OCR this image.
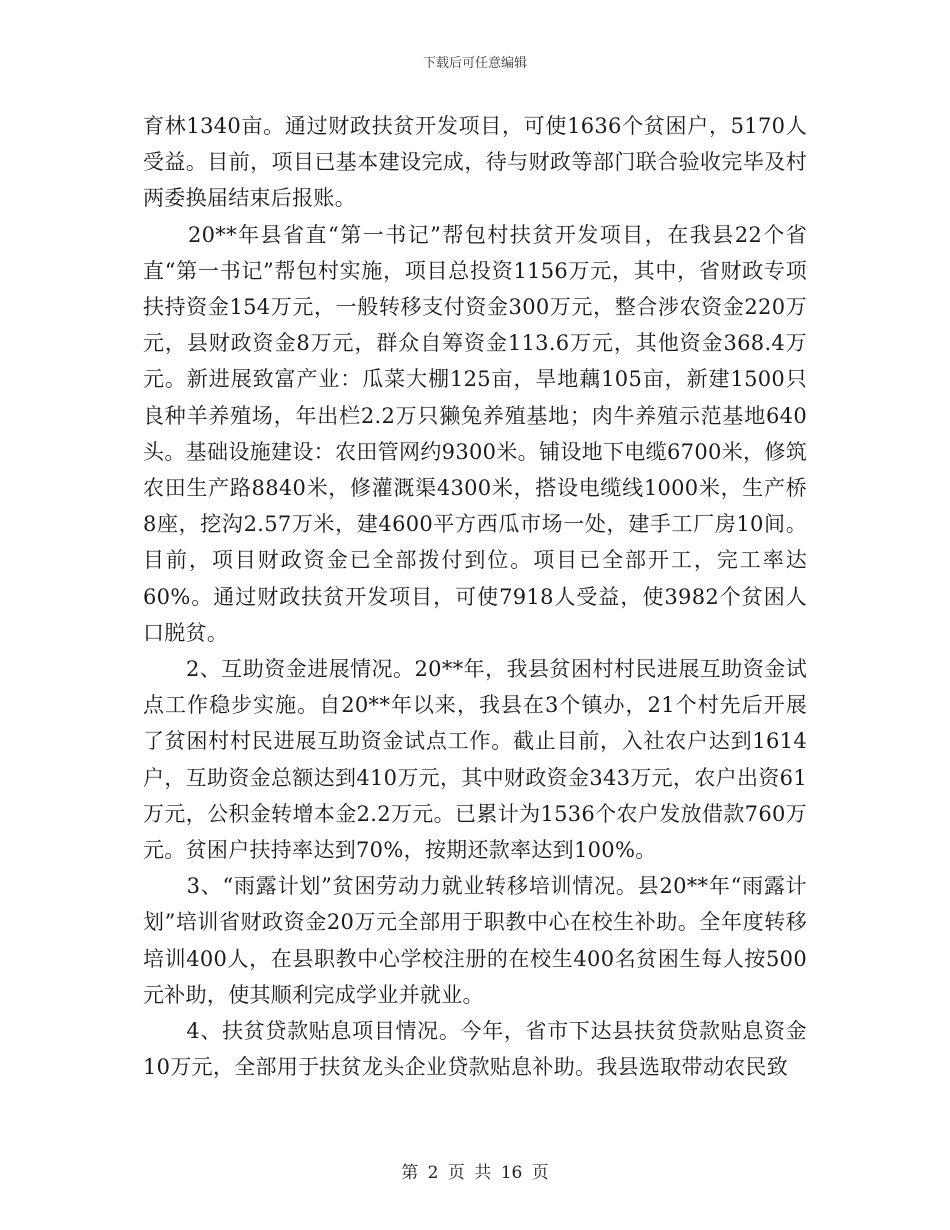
下载后可任意编辑

育林1340亩。通过财政扶贫开发项目，可使1636个贫困户，5170人受益。目前，项目已基本建设完成，待与财政等部门联合验收完毕及村两委换届结束后报账。

　　20**年县省直“第一书记”帮包村扶贫开发项目，在我县22个省直“第一书记”帮包村实施，项目总投资1156万元，其中，省财政专项扶持资金154万元，一般转移支付资金300万元，整合涉农资金220万元，县财政资金8万元，群众自筹资金113.6万元，其他资金368.4万元。新进展致富产业：瓜菜大棚125亩，旱地藕105亩，新建1500只良种羊养殖场，年出栏2.2万只獭兔养殖基地；肉牛养殖示范基地640头。基础设施建设：农田管网约9300米。铺设地下电缆6700米，修筑农田生产路8840米，修灌溉渠4300米，搭设电缆线1000米，生产桥8座，挖沟2.57万米，建4600平方西瓜市场一处，建手工厂房10间。目前，项目财政资金已全部拨付到位。项目已全部开工，完工率达60%。通过财政扶贫开发项目，可使7918人受益，使3982个贫困人口脱贫。

　　2、互助资金进展情况。20**年，我县贫困村村民进展互助资金试点工作稳步实施。自20**年以来，我县在3个镇办，21个村先后开展了贫困村村民进展互助资金试点工作。截止目前，入社农户达到1614户，互助资金总额达到410万元，其中财政资金343万元，农户出资61万元，公积金转增本金2.2万元。已累计为1536个农户发放借款760万元。贫困户扶持率达到70%，按期还款率达到100%。

　　3、“雨露计划”贫困劳动力就业转移培训情况。县20**年“雨露计划”培训省财政资金20万元全部用于职教中心在校生补助。全年度转移培训400人，在县职教中心学校注册的在校生400名贫困生每人按500元补助，使其顺利完成学业并就业。

　　4、扶贫贷款贴息项目情况。今年，省市下达县扶贫贷款贴息资金10万元，全部用于扶贫龙头企业贷款贴息补助。我县选取带动农民致

第 2 页 共 16 页
